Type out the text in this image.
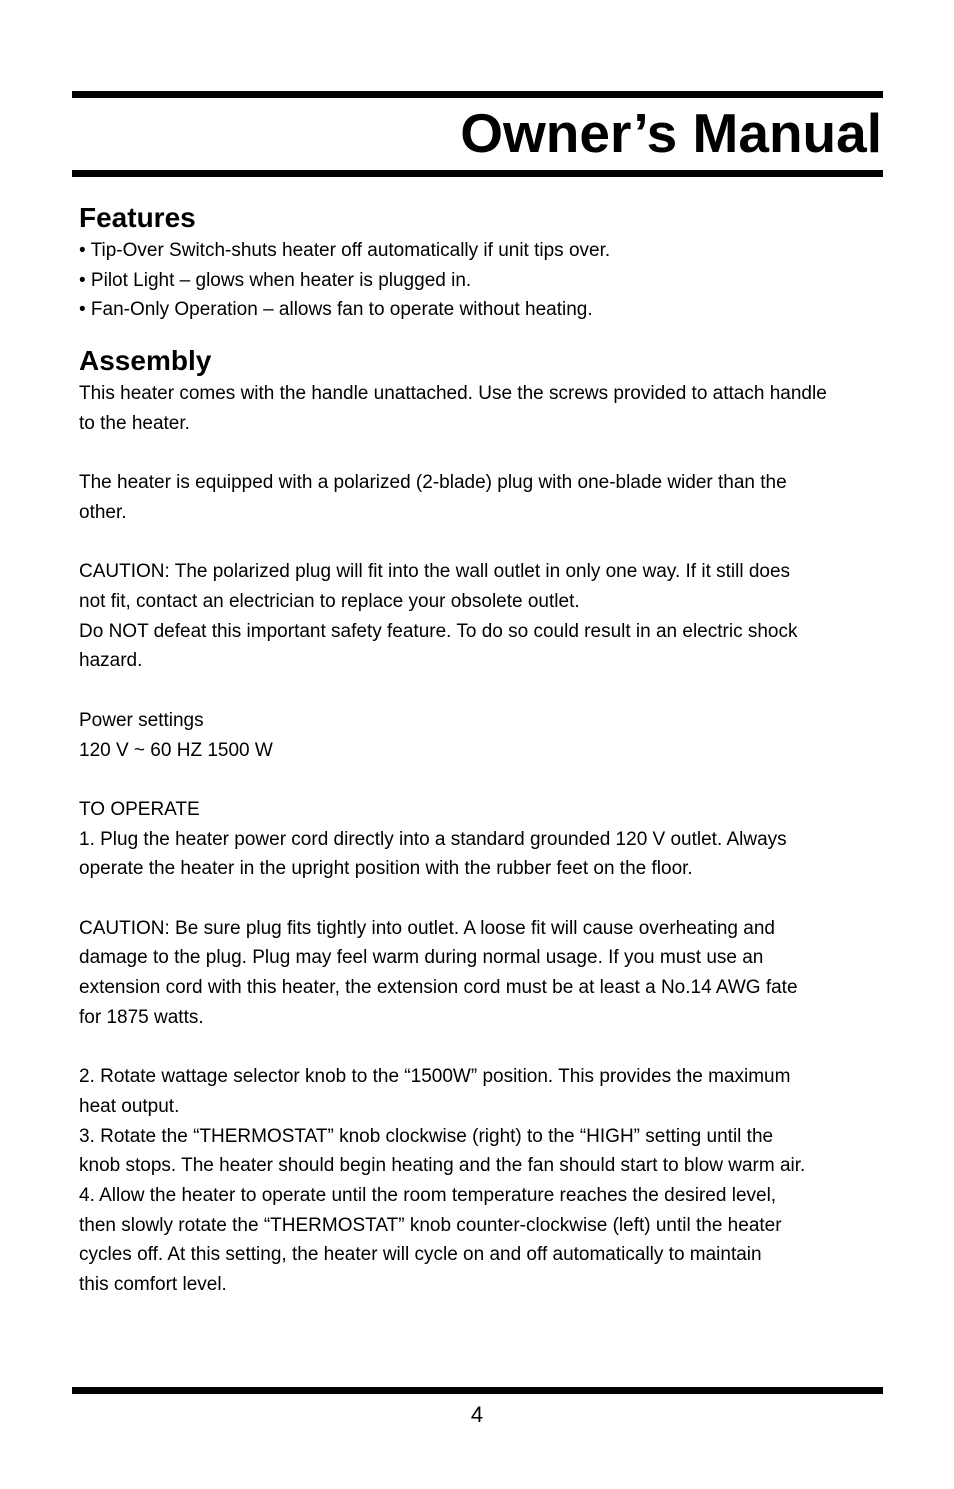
Owner’s Manual
Features

• Tip-Over Switch-shuts heater off automatically if unit tips over.

• Pilot Light – glows when heater is plugged in.

• Fan-Only Operation – allows fan to operate without heating.

Assembly

This heater comes with the handle unattached. Use the screws provided to attach handle

to the heater.

The heater is equipped with a polarized (2-blade) plug with one-blade wider than the

other.

CAUTION: The polarized plug will fit into the wall outlet in only one way. If it still does

not fit, contact an electrician to replace your obsolete outlet.

Do NOT defeat this important safety feature. To do so could result in an electric shock

hazard.

Power settings

120 V ~ 60 HZ 1500 W

TO OPERATE

1. Plug the heater power cord directly into a standard grounded 120 V outlet. Always

operate the heater in the upright position with the rubber feet on the floor.

CAUTION: Be sure plug fits tightly into outlet. A loose fit will cause overheating and

damage to the plug. Plug may feel warm during normal usage. If you must use an

extension cord with this heater, the extension cord must be at least a No.14 AWG fate

for 1875 watts.

2. Rotate wattage selector knob to the “1500W” position. This provides the maximum

heat output.

3. Rotate the “THERMOSTAT” knob clockwise (right) to the “HIGH” setting until the

knob stops. The heater should begin heating and the fan should start to blow warm air.

4. Allow the heater to operate until the room temperature reaches the desired level,

then slowly rotate the “THERMOSTAT” knob counter-clockwise (left) until the heater

cycles off. At this setting, the heater will cycle on and off automatically to maintain

this comfort level.

4
